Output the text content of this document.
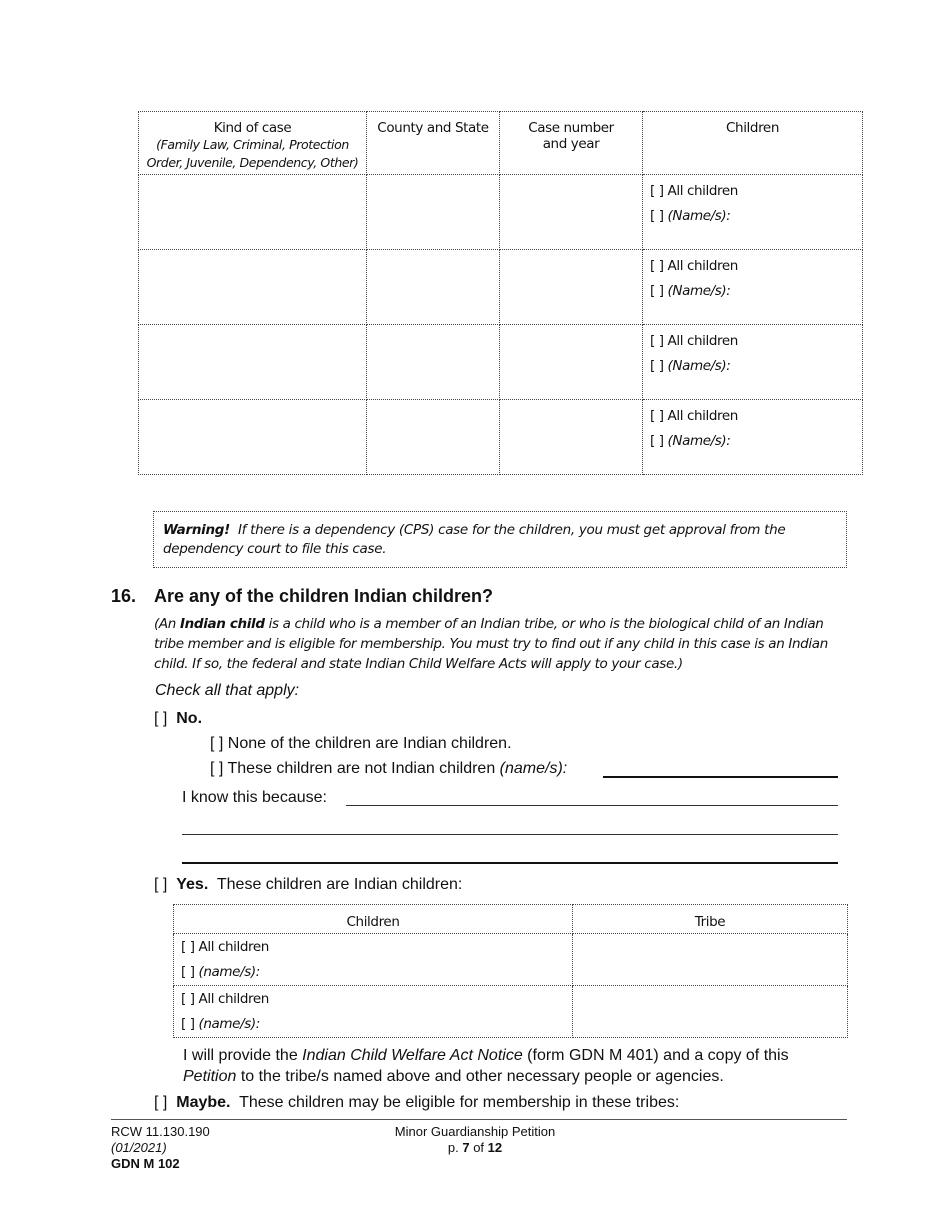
Kind of case
(Family Law, Criminal, Protection Order, Juvenile, Dependency, Other)	County and State	Case number and year	Children

			[ ] All children
[ ] (Name/s):

			[ ] All children
[ ] (Name/s):

			[ ] All children
[ ] (Name/s):

			[ ] All children
[ ] (Name/s):
Warning! If there is a dependency (CPS) case for the children, you must get approval from the dependency court to file this case.
16. Are any of the children Indian children?
(An Indian child is a child who is a member of an Indian tribe, or who is the biological child of an Indian tribe member and is eligible for membership. You must try to find out if any child in this case is an Indian child. If so, the federal and state Indian Child Welfare Acts will apply to your case.)
Check all that apply:
[ ] No.
[ ] None of the children are Indian children.
[ ] These children are not Indian children (name/s):
I know this because:
[ ] Yes. These children are Indian children:
Children	Tribe

[ ] All children
[ ] (name/s):	

[ ] All children
[ ] (name/s):	

I will provide the Indian Child Welfare Act Notice (form GDN M 401) and a copy of this Petition to the tribe/s named above and other necessary people or agencies.
[ ] Maybe. These children may be eligible for membership in these tribes:
RCW 11.130.190
(01/2021)
GDN M 102
Minor Guardianship Petition
p. 7 of 12
